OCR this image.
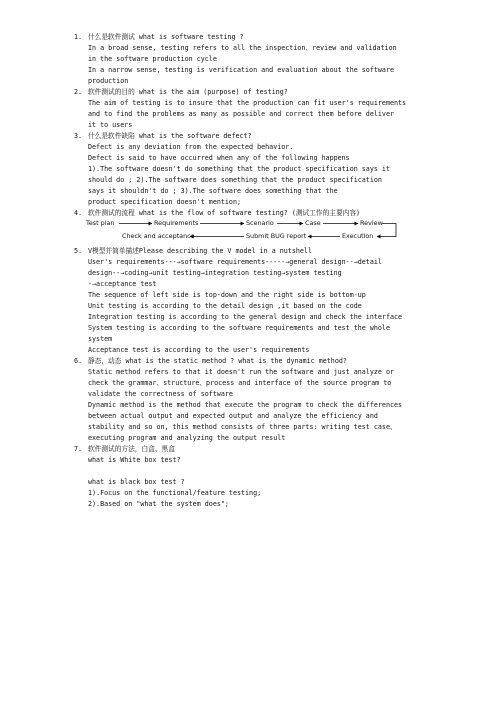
1. 什么是软件测试 what is software testing ?
In a broad sense, testing refers to all the inspection、review and validation
in the software production cycle
In a narrow sense, testing is verification and evaluation about the software
production
2. 软件测试的目的 what is the aim (purpose) of testing?
The aim of testing is to insure that the production can fit user's requirements
and to find the problems as many as possible and correct them before deliver
it to users
3. 什么是软件缺陷 what is the software defect?
Defect is any deviation from the expected behavior.
Defect is said to have occurred when any of the following happens
1).The software doesn't do something that the product specification says it
should do ; 2).The software does something that the product specification
says it shouldn't do ; 3).The software does something that the
product specification doesn't mention;
4. 软件测试的流程 what is the flow of software testing? (测试工作的主要内容)
Test plan	Requirements	Scenario	Case	Review
Check and acceptance	Submit BUG report	Execution
5. V模型并简单描述Please describing the V model in a nutshell
User's requirements---→software requirements-----→general design--→detail
design--→coding→unit testing→integration testing→system testing
-→acceptance test
The sequence of left side is top-down and the right side is bottom-up
Unit testing is according to the detail design ,it based on the code
Integration testing is according to the general design and check the interface
System testing is according to the software requirements and test the whole
system
Acceptance test is according to the user's requirements
6. 静态，动态 what is the static method ? what is the dynamic method?
Static method refers to that it doesn't run the software and just analyze or
check the grammar、structure、process and interface of the source program to
validate the correctness of software
Dynamic method is the method that execute the program to check the differences
between actual output and expected output and analyze the efficiency and
stability and so on, this method consists of three parts: writing test case、
executing program and analyzing the output result
7. 软件测试的方法，白盒、黑盒
what is White box test?
what is black box test ?
1).Focus on the functional/feature testing;
2).Based on "what the system does";
